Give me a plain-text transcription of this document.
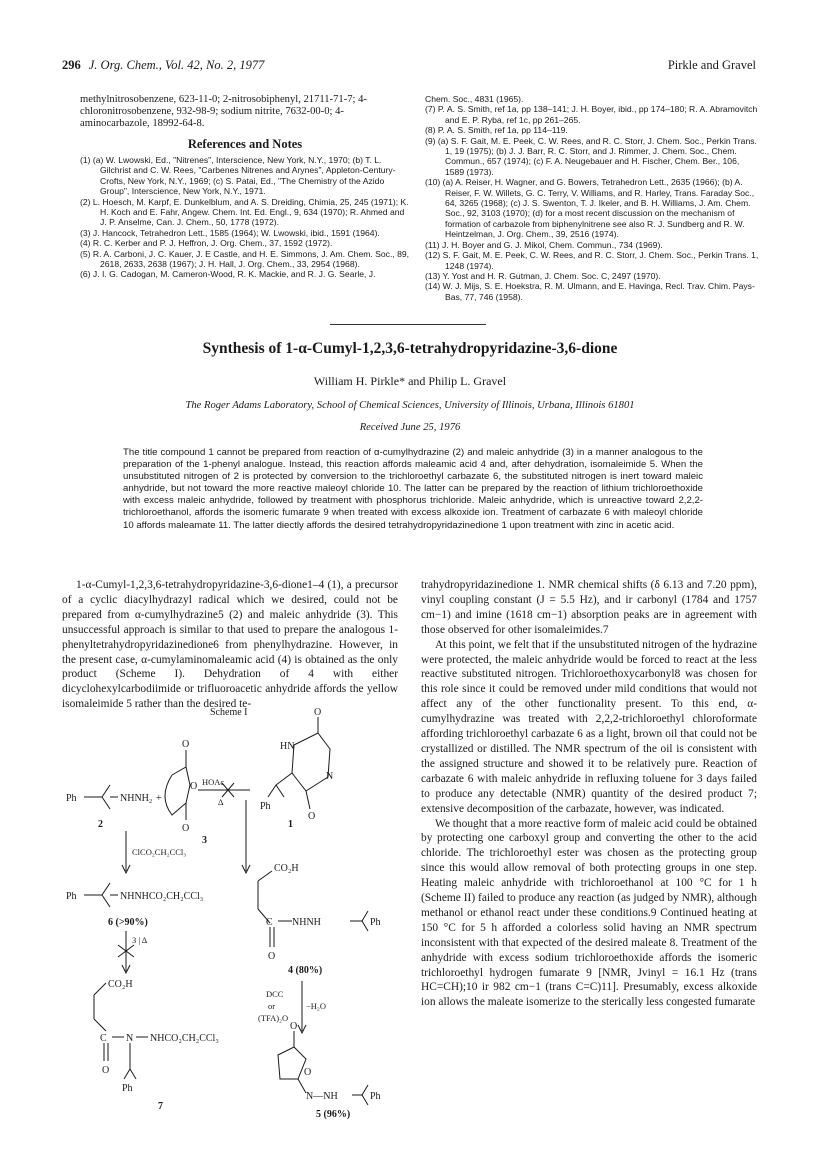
296 J. Org. Chem., Vol. 42, No. 2, 1977	Pirkle and Gravel
methylnitrosobenzene, 623-11-0; 2-nitrosobiphenyl, 21711-71-7; 4-chloronitrosobenzene, 932-98-9; sodium nitrite, 7632-00-0; 4-aminocarbazole, 18992-64-8.
References and Notes

(1) (a) W. Lwowski, Ed., "Nitrenes", Interscience, New York, N.Y., 1970; (b) T. L. Gilchrist and C. W. Rees, "Carbenes Nitrenes and Arynes", Appleton-Century-Crofts, New York, N.Y., 1969; (c) S. Patai, Ed., "The Chemistry of the Azido Group", Interscience, New York, N.Y., 1971.

(2) L. Hoesch, M. Karpf, E. Dunkelblum, and A. S. Dreiding, Chimia, 25, 245 (1971); K. H. Koch and E. Fahr, Angew. Chem. Int. Ed. Engl., 9, 634 (1970); R. Ahmed and J. P. Anselme, Can. J. Chem., 50, 1778 (1972).

(3) J. Hancock, Tetrahedron Lett., 1585 (1964); W. Lwowski, ibid., 1591 (1964).

(4) R. C. Kerber and P. J. Heffron, J. Org. Chem., 37, 1592 (1972).

(5) R. A. Carboni, J. C. Kauer, J. E Castle, and H. E. Simmons, J. Am. Chem. Soc., 89, 2618, 2633, 2638 (1967); J. H. Hall, J. Org. Chem., 33, 2954 (1968).

(6) J. I. G. Cadogan, M. Cameron-Wood, R. K. Mackie, and R. J. G. Searle, J.

Chem. Soc., 4831 (1965).

(7) P. A. S. Smith, ref 1a, pp 138–141; J. H. Boyer, ibid., pp 174–180; R. A. Abramovitch and E. P. Ryba, ref 1c, pp 261–265.

(8) P. A. S. Smith, ref 1a, pp 114–119.

(9) (a) S. F. Gait, M. E. Peek, C. W. Rees, and R. C. Storr, J. Chem. Soc., Perkin Trans. 1, 19 (1975); (b) J. J. Barr, R. C. Storr, and J. Rimmer, J. Chem. Soc., Chem. Commun., 657 (1974); (c) F. A. Neugebauer and H. Fischer, Chem. Ber., 106, 1589 (1973).

(10) (a) A. Reiser, H. Wagner, and G. Bowers, Tetrahedron Lett., 2635 (1966); (b) A. Reiser, F. W. Willets, G. C. Terry, V. Williams, and R. Harley, Trans. Faraday Soc., 64, 3265 (1968); (c) J. S. Swenton, T. J. Ikeler, and B. H. Williams, J. Am. Chem. Soc., 92, 3103 (1970); (d) for a most recent discussion on the mechanism of formation of carbazole from biphenylnitrene see also R. J. Sundberg and R. W. Heintzelman, J. Org. Chem., 39, 2516 (1974).

(11) J. H. Boyer and G. J. Mikol, Chem. Commun., 734 (1969).

(12) S. F. Gait, M. E. Peek, C. W. Rees, and R. C. Storr, J. Chem. Soc., Perkin Trans. 1, 1248 (1974).

(13) Y. Yost and H. R. Gutman, J. Chem. Soc. C, 2497 (1970).

(14) W. J. Mijs, S. E. Hoekstra, R. M. Ulmann, and E. Havinga, Recl. Trav. Chim. Pays-Bas, 77, 746 (1958).

Synthesis of 1-α-Cumyl-1,2,3,6-tetrahydropyridazine-3,6-dione
William H. Pirkle* and Philip L. Gravel
The Roger Adams Laboratory, School of Chemical Sciences, University of Illinois, Urbana, Illinois 61801
Received June 25, 1976
The title compound 1 cannot be prepared from reaction of α-cumylhydrazine (2) and maleic anhydride (3) in a manner analogous to the preparation of the 1-phenyl analogue. Instead, this reaction affords maleamic acid 4 and, after dehydration, isomaleimide 5. When the unsubstituted nitrogen of 2 is protected by conversion to the trichloroethyl carbazate 6, the substituted nitrogen is inert toward maleic anhydride, but not toward the more reactive maleoyl chloride 10. The latter can be prepared by the reaction of lithium trichloroethoxide with excess maleic anhydride, followed by treatment with phosphorus trichloride. Maleic anhydride, which is unreactive toward 2,2,2-trichloroethanol, affords the isomeric fumarate 9 when treated with excess alkoxide ion. Treatment of carbazate 6 with maleoyl chloride 10 affords maleamate 11. The latter diectly affords the desired tetrahydropyridazinedione 1 upon treatment with zinc in acetic acid.

1-α-Cumyl-1,2,3,6-tetrahydropyridazine-3,6-dione1–4 (1), a precursor of a cyclic diacylhydrazyl radical which we desired, could not be prepared from α-cumylhydrazine5 (2) and maleic anhydride (3). This unsuccessful approach is similar to that used to prepare the analogous 1-phenyltetrahydropyridazinedione6 from phenylhydrazine. However, in the present case, α-cumylaminomaleamic acid (4) is obtained as the only product (Scheme I). Dehydration of 4 with either dicyclohexylcarbodiimide or trifluoroacetic anhydride affords the yellow isomaleimide 5 rather than the desired te-

Scheme I
Ph	NHNH₂ +
2
O
O
O
3
HOAc
Δ
O
HN
N
O
Ph
1
ClCO₂CH₂CCl₃
CO₂H
C NHNH	Ph
O
4 (80%)
Ph	NHNHCO₂CH₂CCl₃
6 (>90%)
3 | Δ
DCC
or
(TFA)₂O
−H₂O
CO₂H
C N NHCO₂CH₂CCl₃
O
Ph
7
O
O
N—NH	Ph
5 (96%)

trahydropyridazinedione 1. NMR chemical shifts (δ 6.13 and 7.20 ppm), vinyl coupling constant (J = 5.5 Hz), and ir carbonyl (1784 and 1757 cm−1) and imine (1618 cm−1) absorption peaks are in agreement with those observed for other isomaleimides.7

At this point, we felt that if the unsubstituted nitrogen of the hydrazine were protected, the maleic anhydride would be forced to react at the less reactive substituted nitrogen. Trichloroethoxycarbonyl8 was chosen for this role since it could be removed under mild conditions that would not affect any of the other functionality present. To this end, α-cumylhydrazine was treated with 2,2,2-trichloroethyl chloroformate affording trichloroethyl carbazate 6 as a light, brown oil that could not be crystallized or distilled. The NMR spectrum of the oil is consistent with the assigned structure and showed it to be relatively pure. Reaction of carbazate 6 with maleic anhydride in refluxing toluene for 3 days failed to produce any detectable (NMR) quantity of the desired product 7; extensive decomposition of the carbazate, however, was indicated.

We thought that a more reactive form of maleic acid could be obtained by protecting one carboxyl group and converting the other to the acid chloride. The trichloroethyl ester was chosen as the protecting group since this would allow removal of both protecting groups in one step. Heating maleic anhydride with trichloroethanol at 100 °C for 1 h (Scheme II) failed to produce any reaction (as judged by NMR), although methanol or ethanol react under these conditions.9 Continued heating at 150 °C for 5 h afforded a colorless solid having an NMR spectrum inconsistent with that expected of the desired maleate 8. Treatment of the anhydride with excess sodium trichloroethoxide affords the isomeric trichloroethyl hydrogen fumarate 9 [NMR, Jvinyl = 16.1 Hz (trans HC=CH);10 ir 982 cm−1 (trans C=C)11]. Presumably, excess alkoxide ion allows the maleate isomerize to the sterically less congested fumarate
